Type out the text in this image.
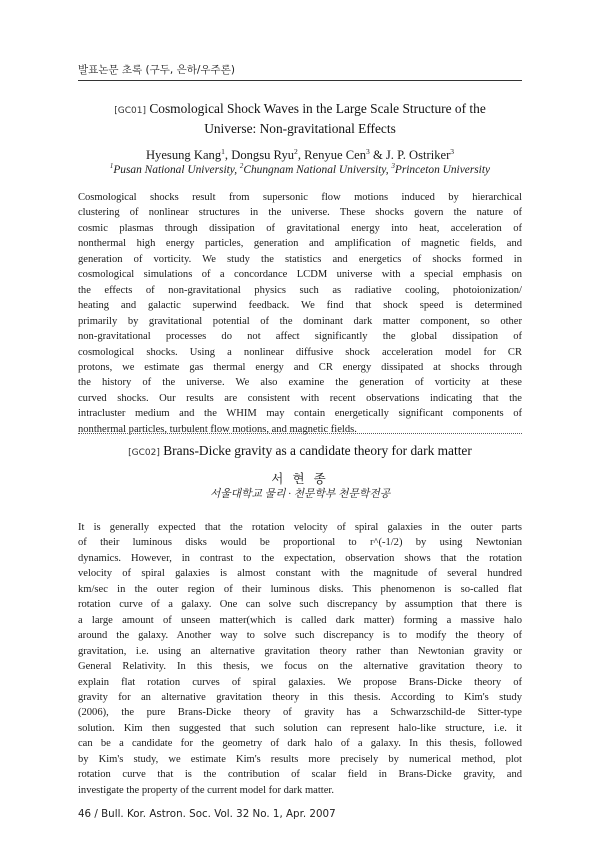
발표논문 초록 (구두, 은하/우주론)
[GC01] Cosmological Shock Waves in the Large Scale Structure of the
Universe: Non-gravitational Effects
Hyesung Kang$^1$, Dongsu Ryu$^2$, Renyue Cen$^3$ & J. P. Ostriker$^3$
$^1$Pusan National University, $^2$Chungnam National University, $^3$Princeton University
Cosmological shocks result from supersonic flow motions induced by hierarchical
clustering of nonlinear structures in the universe. These shocks govern the nature of
cosmic plasmas through dissipation of gravitational energy into heat, acceleration of
nonthermal high energy particles, generation and amplification of magnetic fields, and
generation of vorticity. We study the statistics and energetics of shocks formed in
cosmological simulations of a concordance LCDM universe with a special emphasis on
the effects of non-gravitational physics such as radiative cooling, photoionization/
heating and galactic superwind feedback. We find that shock speed is determined
primarily by gravitational potential of the dominant dark matter component, so other
non-gravitational processes do not affect significantly the global dissipation of
cosmological shocks. Using a nonlinear diffusive shock acceleration model for CR
protons, we estimate gas thermal energy and CR energy dissipated at shocks through
the history of the universe. We also examine the generation of vorticity at these
curved shocks. Our results are consistent with recent observations indicating that the
intracluster medium and the WHIM may contain energetically significant components of
nonthermal particles, turbulent flow motions, and magnetic fields.
[GC02] Brans-Dicke gravity as a candidate theory for dark matter
서 현 종
서울대학교 물리 · 천문학부 천문학전공
It is generally expected that the rotation velocity of spiral galaxies in the outer parts
of their luminous disks would be proportional to r^(-1/2) by using Newtonian
dynamics. However, in contrast to the expectation, observation shows that the rotation
velocity of spiral galaxies is almost constant with the magnitude of several hundred
km/sec in the outer region of their luminous disks. This phenomenon is so-called flat
rotation curve of a galaxy. One can solve such discrepancy by assumption that there is
a large amount of unseen matter(which is called dark matter) forming a massive halo
around the galaxy. Another way to solve such discrepancy is to modify the theory of
gravitation, i.e. using an alternative gravitation theory rather than Newtonian gravity or
General Relativity. In this thesis, we focus on the alternative gravitation theory to
explain flat rotation curves of spiral galaxies. We propose Brans-Dicke theory of
gravity for an alternative gravitation theory in this thesis. According to Kim's study
(2006), the pure Brans-Dicke theory of gravity has a Schwarzschild-de Sitter-type
solution. Kim then suggested that such solution can represent halo-like structure, i.e. it
can be a candidate for the geometry of dark halo of a galaxy. In this thesis, followed
by Kim's study, we estimate Kim's results more precisely by numerical method, plot
rotation curve that is the contribution of scalar field in Brans-Dicke gravity, and
investigate the property of the current model for dark matter.
46 / Bull. Kor. Astron. Soc. Vol. 32 No. 1, Apr. 2007
